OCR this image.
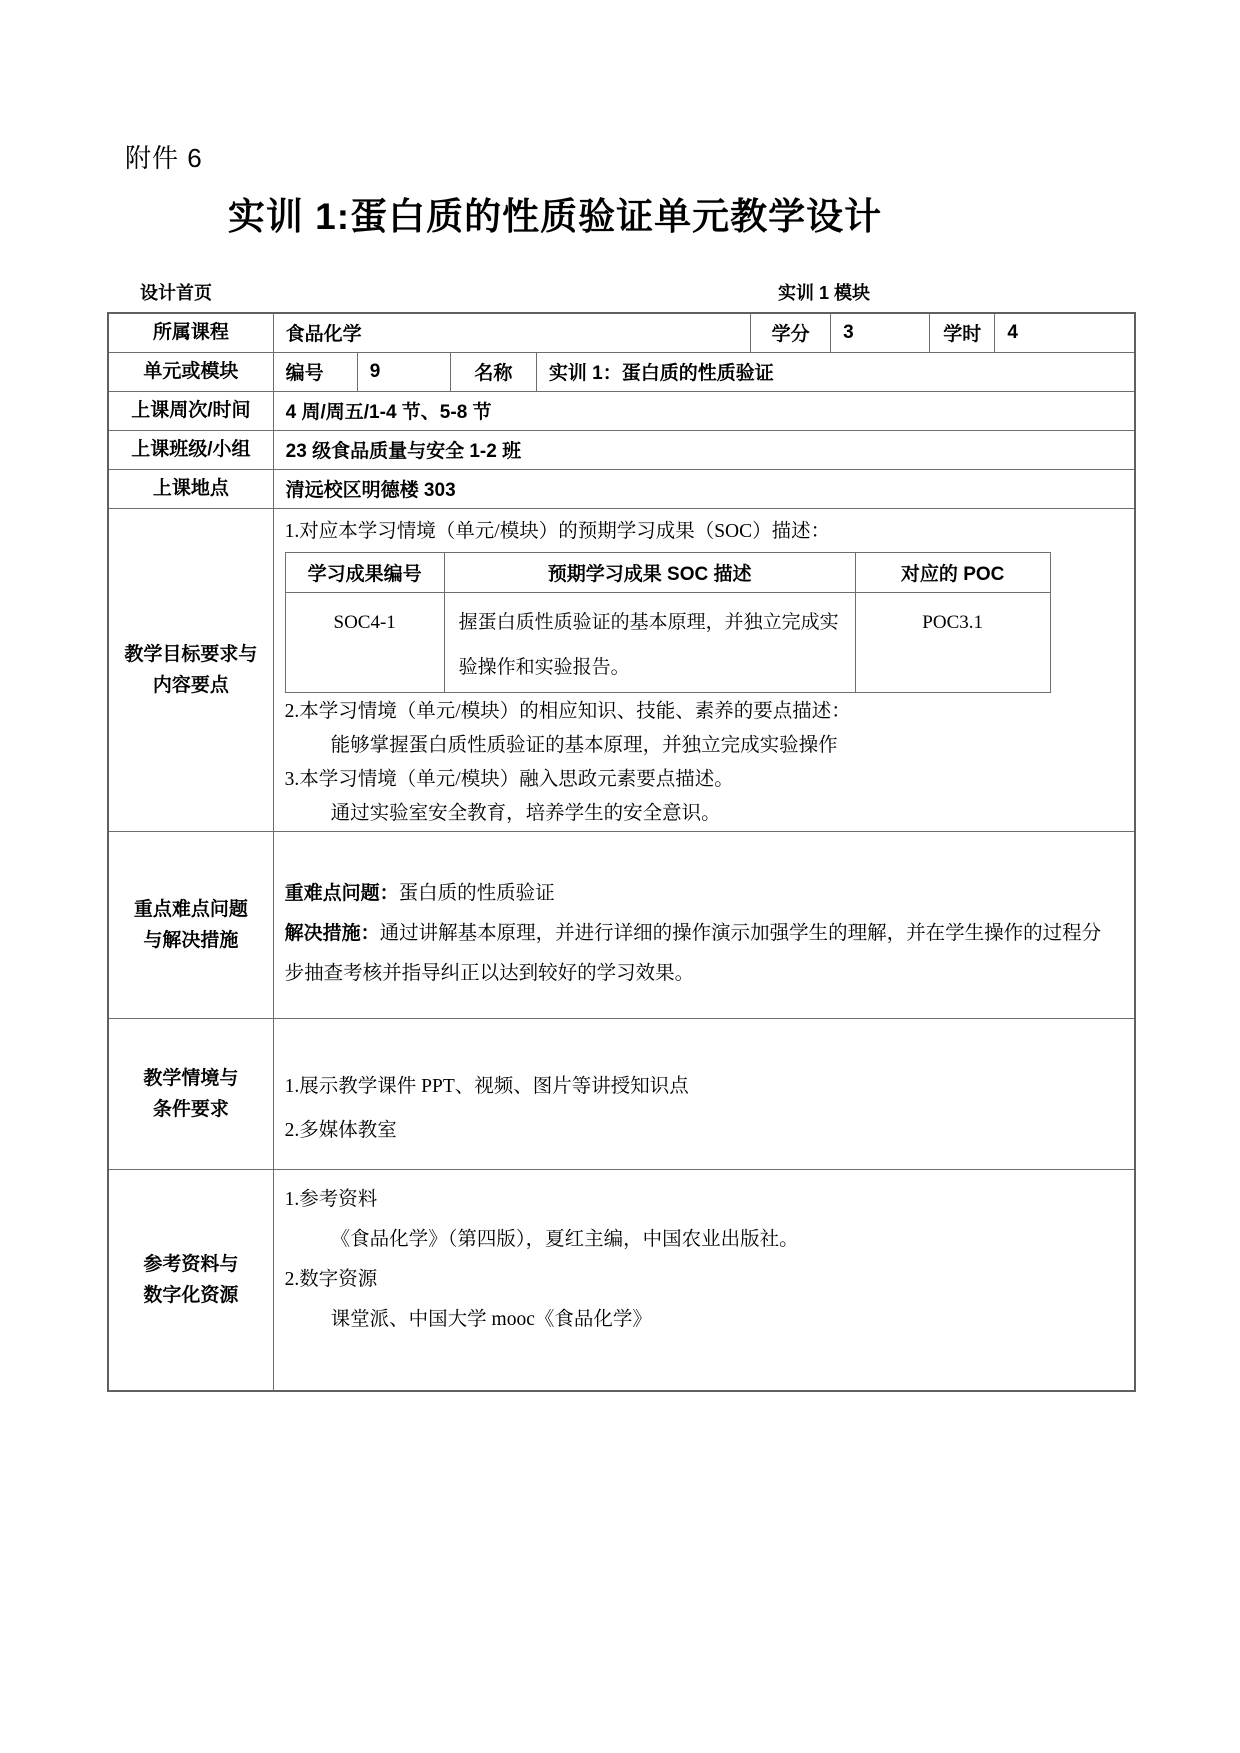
附件 6
实训 1:蛋白质的性质验证单元教学设计
设计首页	实训 1 模块
所属课程	食品化学	学分	3	学时	4
单元或模块	编号	9	名称	实训 1：蛋白质的性质验证
上课周次/时间	4 周/周五/1-4 节、5-8 节
上课班级/小组	23 级食品质量与安全 1-2 班
上课地点	清远校区明德楼 303

教学目标要求与
内容要点

1.对应本学习情境（单元/模块）的预期学习成果（SOC）描述：
学习成果编号	预期学习成果 SOC 描述	对应的 POC
SOC4-1	握蛋白质性质验证的基本原理，并独立完成实验操作和实验报告。	POC3.1
2.本学习情境（单元/模块）的相应知识、技能、素养的要点描述：
能够掌握蛋白质性质验证的基本原理，并独立完成实验操作
3.本学习情境（单元/模块）融入思政元素要点描述。
通过实验室安全教育，培养学生的安全意识。

重点难点问题
与解决措施

重难点问题：蛋白质的性质验证

解决措施：通过讲解基本原理，并进行详细的操作演示加强学生的理解，并在学生操作的过程分步抽查考核并指导纠正以达到较好的学习效果。

教学情境与
条件要求

1.展示教学课件 PPT、视频、图片等讲授知识点
2.多媒体教室

参考资料与
数字化资源

1.参考资料
《食品化学》（第四版），夏红主编，中国农业出版社。
2.数字资源
课堂派、中国大学 mooc《食品化学》
